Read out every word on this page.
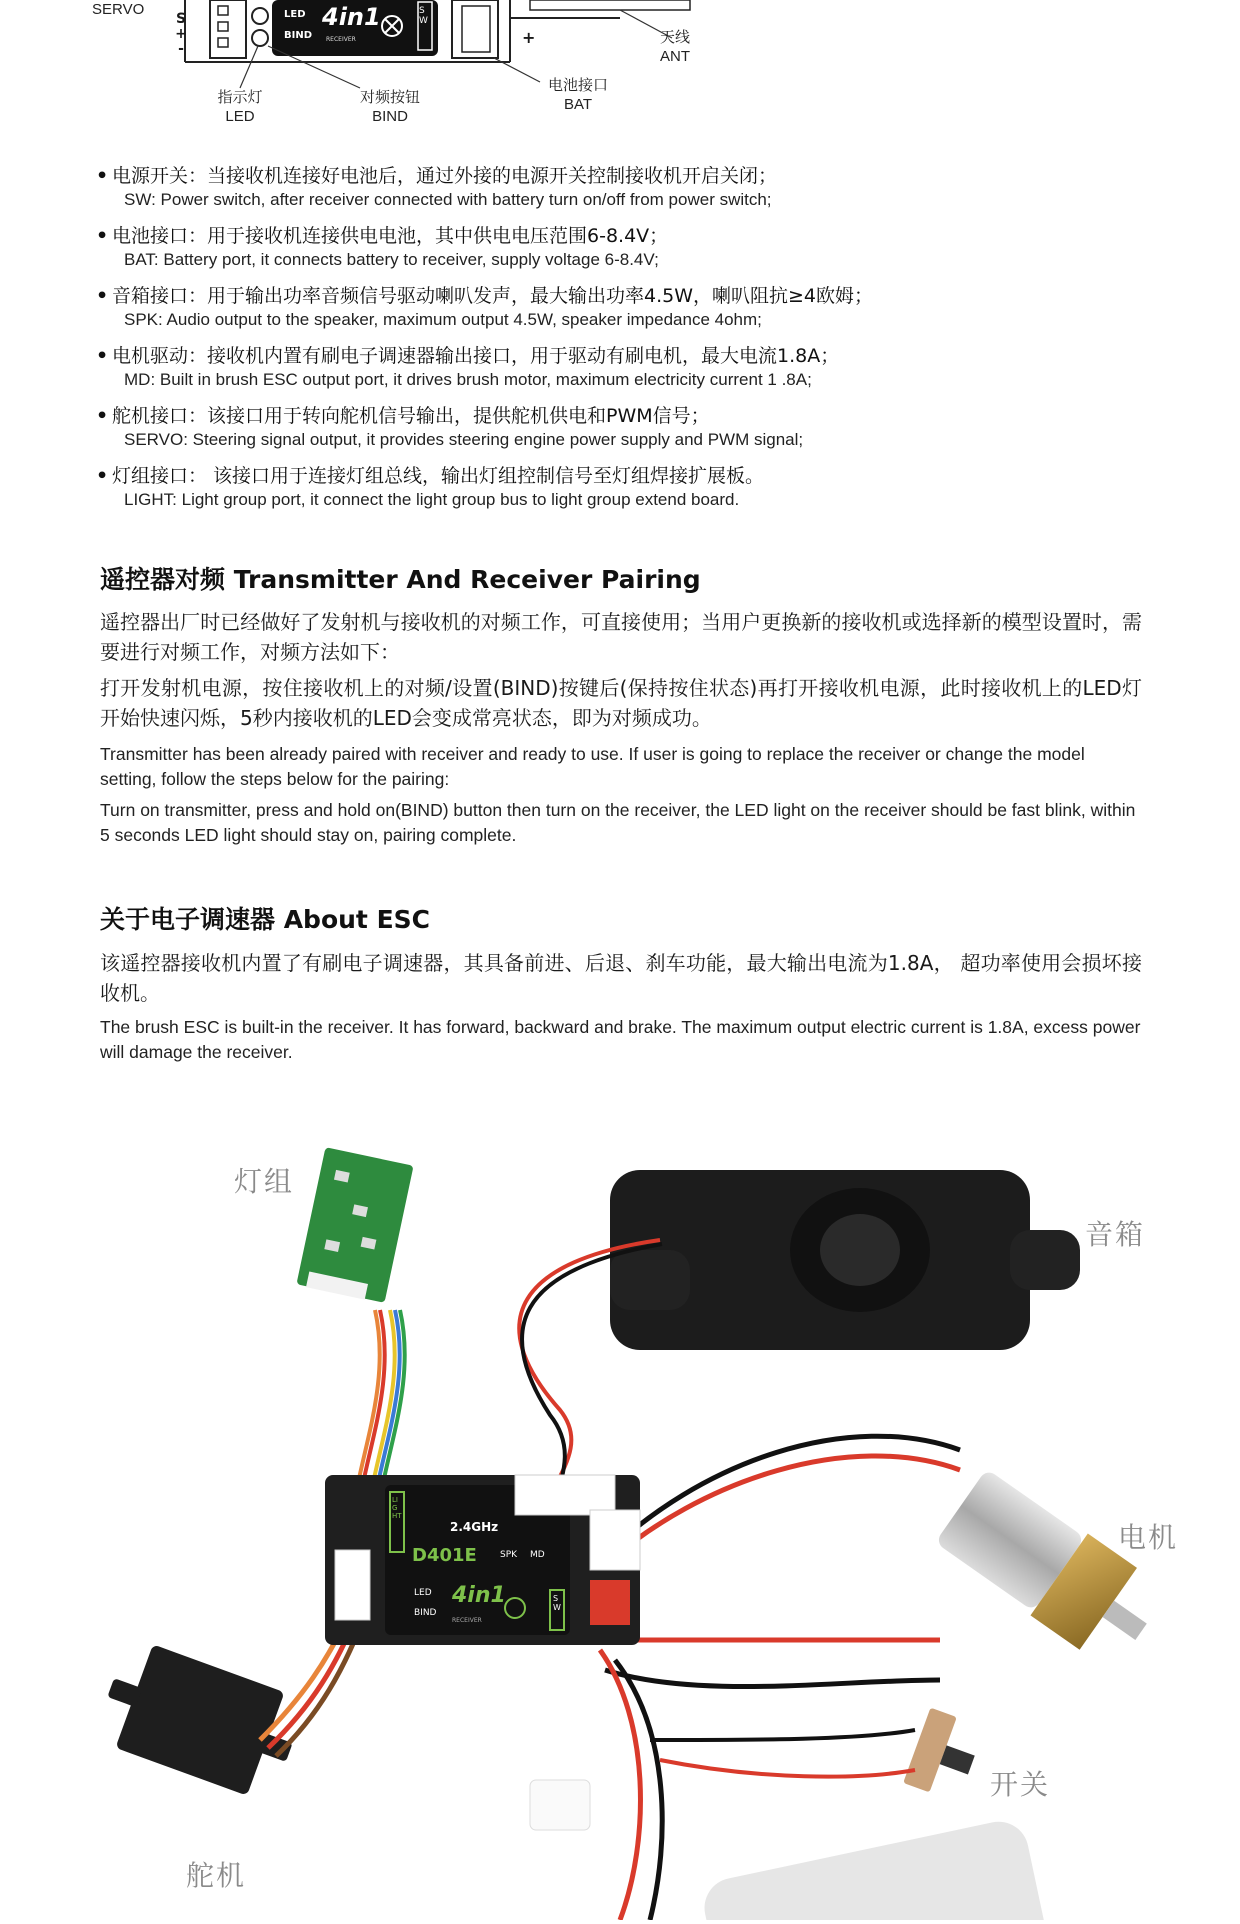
SERVO
S
+
-
LED
BIND
4in1
RECEIVER
SW
+
指示灯
LED
对频按钮
BIND
电池接口
BAT
天线
ANT
• 电源开关：当接收机连接好电池后，通过外接的电源开关控制接收机开启关闭；
SW: Power switch, after receiver connected with battery turn on/off from power switch;
• 电池接口：用于接收机连接供电电池，其中供电电压范围6-8.4V；
BAT: Battery port, it connects battery to receiver, supply voltage 6-8.4V;
• 音箱接口：用于输出功率音频信号驱动喇叭发声，最大输出功率4.5W，喇叭阻抗≥4欧姆；
SPK: Audio output to the speaker, maximum output 4.5W, speaker impedance 4ohm;
• 电机驱动：接收机内置有刷电子调速器输出接口，用于驱动有刷电机，最大电流1.8A；
MD: Built in brush ESC output port, it drives brush motor, maximum electricity current 1 .8A;
• 舵机接口：该接口用于转向舵机信号输出，提供舵机供电和PWM信号；
SERVO: Steering signal output, it provides steering engine power supply and PWM signal;
• 灯组接口： 该接口用于连接灯组总线，输出灯组控制信号至灯组焊接扩展板。
LIGHT: Light group port, it connect the light group bus to light group extend board.
遥控器对频 Transmitter And Receiver Pairing
遥控器出厂时已经做好了发射机与接收机的对频工作，可直接使用；当用户更换新的接收机或选择新的模型设置时，需要进行对频工作，对频方法如下：
打开发射机电源，按住接收机上的对频/设置(BIND)按键后(保持按住状态)再打开接收机电源，此时接收机上的LED灯开始快速闪烁，5秒内接收机的LED会变成常亮状态，即为对频成功。
Transmitter has been already paired with receiver and ready to use. If user is going to replace the receiver or change the model setting, follow the steps below for the pairing:
Turn on transmitter, press and hold on(BIND) button then turn on the receiver, the LED light on the receiver should be fast blink, within 5 seconds LED light should stay on, pairing complete.
关于电子调速器 About ESC
该遥控器接收机内置了有刷电子调速器，其具备前进、后退、刹车功能，最大输出电流为1.8A， 超功率使用会损坏接收机。
The brush ESC is built-in the receiver. It has forward, backward and brake. The maximum output electric current is 1.8A, excess power will damage the receiver.
D401E
2.4GHz
4in1
LED
BIND
SPK MD
LIGHT
SW
RECEIVER
灯组
音箱
电机
开关
舵机
